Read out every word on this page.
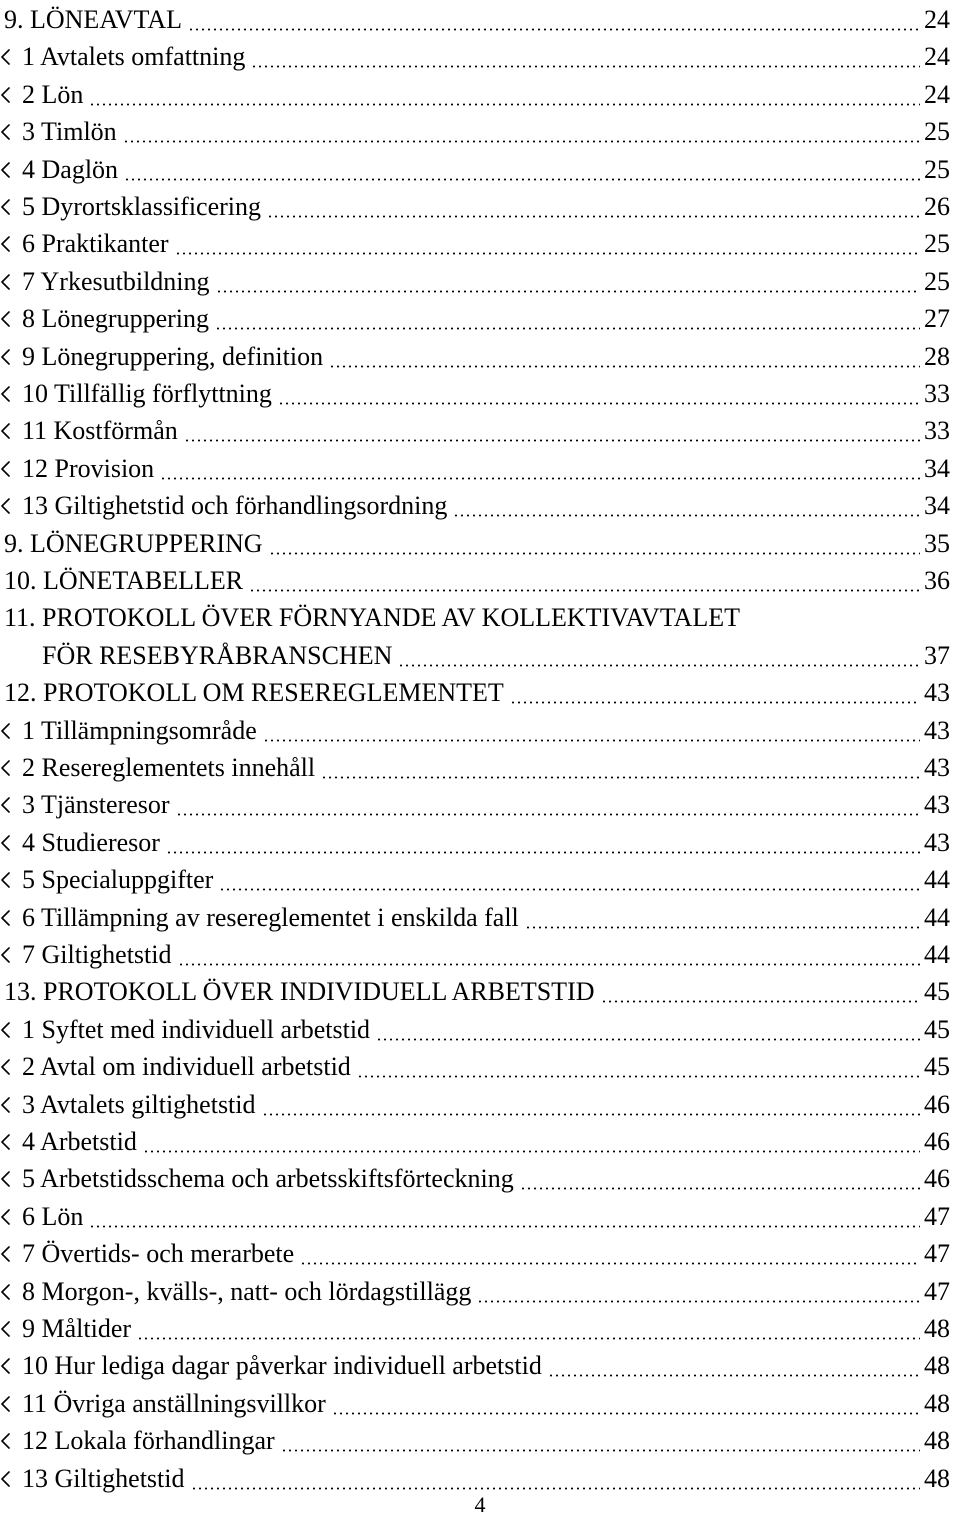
9. LÖNEAVTAL	24
1 Avtalets omfattning	24
2 Lön	24
3 Timlön	25
4 Daglön	25
5 Dyrortsklassificering	26
6 Praktikanter	25
7 Yrkesutbildning	25
8 Lönegruppering	27
9 Lönegruppering, definition	28
10 Tillfällig förflyttning	33
11 Kostförmån	33
12 Provision	34
13 Giltighetstid och förhandlingsordning	34
9. LÖNEGRUPPERING	35
10. LÖNETABELLER	36
11. PROTOKOLL ÖVER FÖRNYANDE AV KOLLEKTIVAVTALET
FÖR RESEBYRÅBRANSCHEN	37
12. PROTOKOLL OM RESEREGLEMENTET	43
1 Tillämpningsområde	43
2 Resereglementets innehåll	43
3 Tjänsteresor	43
4 Studieresor	43
5 Specialuppgifter	44
6 Tillämpning av resereglementet i enskilda fall	44
7 Giltighetstid	44
13. PROTOKOLL ÖVER INDIVIDUELL ARBETSTID	45
1 Syftet med individuell arbetstid	45
2 Avtal om individuell arbetstid	45
3 Avtalets giltighetstid	46
4 Arbetstid	46
5 Arbetstidsschema och arbetsskiftsförteckning	46
6 Lön	47
7 Övertids- och merarbete	47
8 Morgon-, kvälls-, natt- och lördagstillägg	47
9 Måltider	48
10 Hur lediga dagar påverkar individuell arbetstid	48
11 Övriga anställningsvillkor	48
12 Lokala förhandlingar	48
13 Giltighetstid	48
4
